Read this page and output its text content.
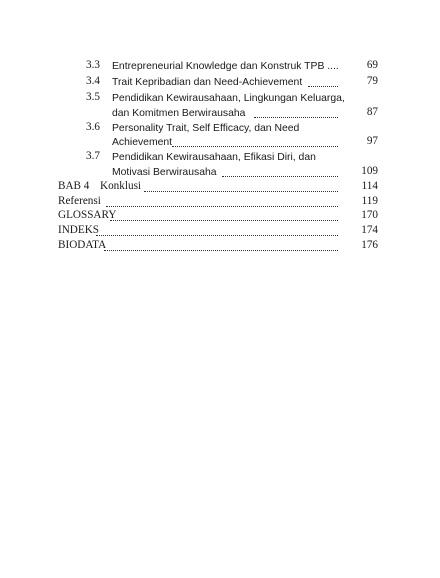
3.3 Entrepreneurial Knowledge dan Konstruk TPB ....	69
3.4 Trait Kepribadian dan Need-Achievement	79
3.5 Pendidikan Kewirausahaan, Lingkungan Keluarga,
dan Komitmen Berwirausaha	87
3.6 Personality Trait, Self Efficacy, dan Need
Achievement	97
3.7 Pendidikan Kewirausahaan, Efikasi Diri, dan
Motivasi Berwirausaha	109
BAB 4 Konklusi	114
Referensi	119
GLOSSARY	170
INDEKS	174
BIODATA	176
